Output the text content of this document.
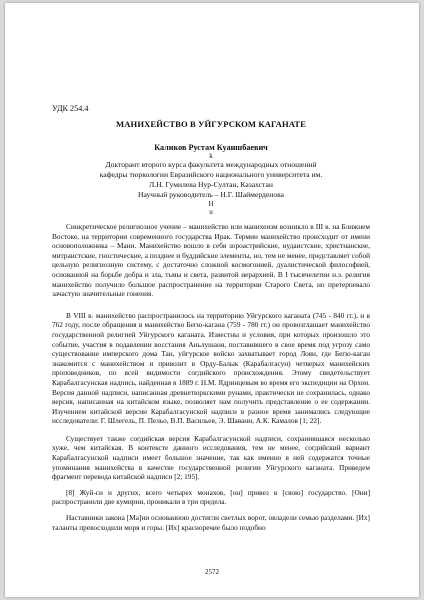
УДК 254.4
МАНИХЕЙСТВО В УЙГУРСКОМ КАГАНАТЕ
Каликов Рустам Куаншбаевич
k
Докторант второго курса факультета международных отношений
кафедры тюркологии Евразийского национального университета им.
Л.Н. Гумилева Нур-Султан, Казахстан
Научный руководитель – Н.Г. Шаймерденова
H
u

Синкретическое религиозное учение – манихейство или манихеизм возникло в III в. на Ближнем Востоке, на территории современного государства Ирак. Термин манихейство происходит от имени основоположника – Мани. Манихейство вошло в себя зороастрийские, иудаистские, христианские, митраистские, гностические, а позднее и буддийские элементы, но, тем не менее, представляет собой цельную религиозную систему, с достаточно сложной космогонией, дуалистической философией, основанной на борьбе добра и зла, тьмы и света, развитой иерархией. В I тысячелетии н.э. религия манихейство получило большое распространение на территории Старого Света, но претерпевало зачастую значительные гонения.

В VIII в. манихейство распространилось на территорию Уйгурского каганата (745 - 840 гг.), и в 762 году, после обращения в манихейство Бегю-кагана (759 - 780 гг.) он провозглашает манихейство государственной религией Уйгурского каганата. Известны и условия, при которых произошло это событие, участия в подавлении восстания Аньлушаня, поставившего в свое время под угрозу само существование имперского дома Тан, уйгурское войско захватывает город Лоян, где Бегю-каган знакомится с манихейством и привозит в Орду-Балык (Карабалгасун) четверых манихейских проповедников, по всей видимости согдийского происхождения. Этому свидетельствует Карабалгасунская надпись, найденная в 1889 г. Н.М. Ядринцевым во время его экспедиции на Орхон. Версия данной надписи, написанная древнетюркскими рунами, практически не сохранилась, однако версия, написанная на китайском языке, позволяет нам получить представление о ее содержании. Изучением китайской версии Карабалгасунской надписи в разное время занимались следующие исследователи: Г. Шлегель, П. Пельо, В.П. Васильев, Э. Шаванн, А.К. Камалов [1; 22].

Существует также согдийская версия Карабалгасунской надписи, сохранившаяся несколько хуже, чем китайская. В контексте данного исследования, тем не менее, согдийский вариант Карабалгасунской надписи имеет большое значение, так как именно в ней содержатся точные упоминания манихейства в качестве государственной религии Уйгурского каганата. Приведем фрагмент перевода китайской надписи [2; 195].

[8] Жуй-си и других, всего четырех монахов, [он] привез в [свою] государство. [Они] распространили две кумирни, проникали в три предела.

Наставники закона [Ма]ни основанною достигли светлых ворот, овладели семью разделами. [Их] таланты превосходили моря и горы. [Их] красноречие было подобно

2572
